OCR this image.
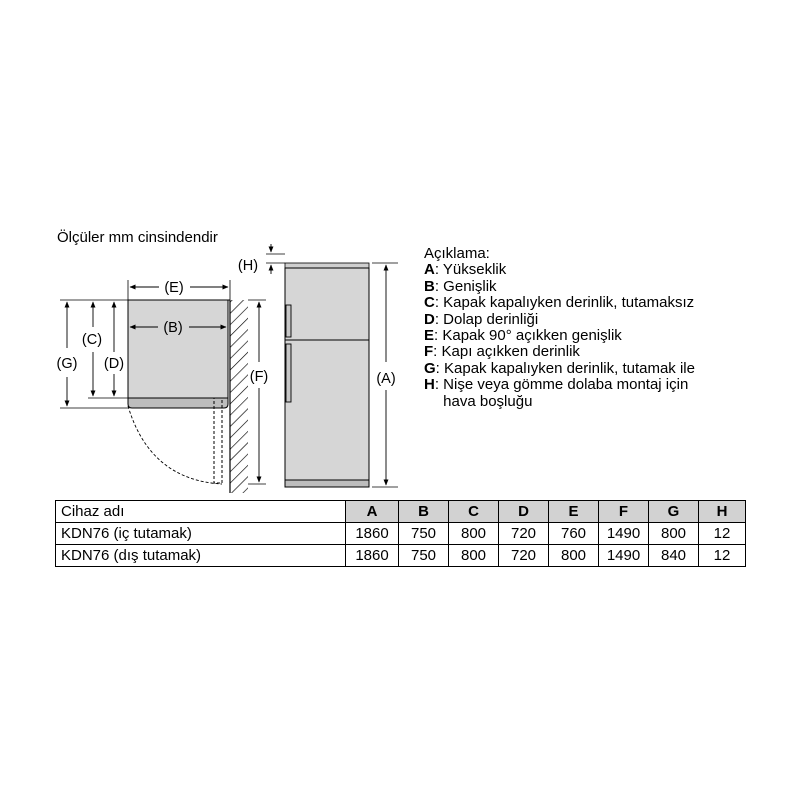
Ölçüler mm cinsindendir
(E)
(B)
(G)
(C)
(D)
(F)
(H)
(A)
Açıklama:
A : Yükseklik
B : Genişlik
C : Kapak kapalıyken derinlik, tutamaksız
D : Dolap derinliği
E : Kapak 90° açıkken genişlik
F : Kapı açıkken derinlik
G : Kapak kapalıyken derinlik, tutamak ile
H : Nişe veya gömme dolaba montaj için
hava boşluğu
Cihaz adı	A	B	C	D	E	F	G	H
KDN76 (iç tutamak)	1860	750	800	720	760	1490	800	12
KDN76 (dış tutamak)	1860	750	800	720	800	1490	840	12
